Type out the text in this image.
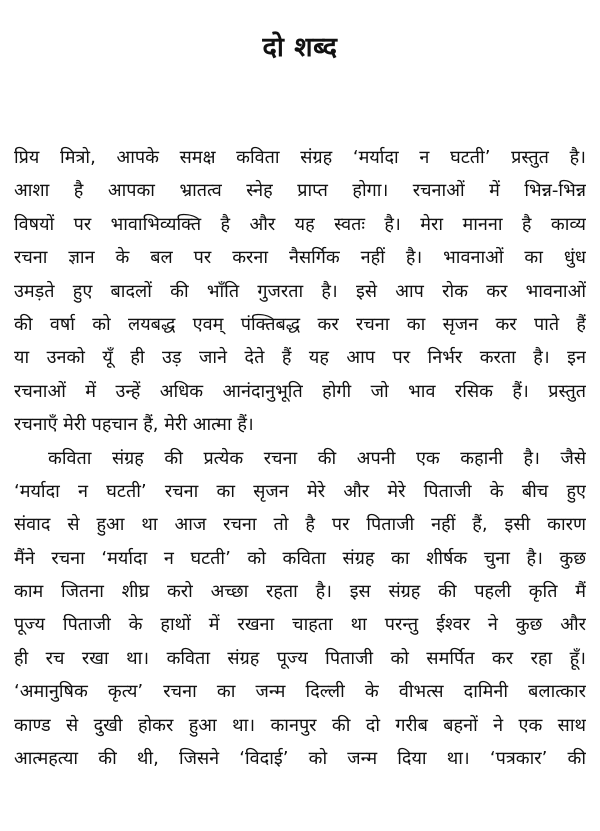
दो शब्द
प्रिय मित्रो, आपके समक्ष कविता संग्रह ‘मर्यादा न घटती’ प्रस्तुत है।
आशा है आपका भ्रातत्व स्नेह प्राप्त होगा। रचनाओं में भिन्न-भिन्न
विषयों पर भावाभिव्यक्ति है और यह स्वतः है। मेरा मानना है काव्य
रचना ज्ञान के बल पर करना नैसर्गिक नहीं है। भावनाओं का धुंध
उमड़ते हुए बादलों की भाँति गुजरता है। इसे आप रोक कर भावनाओं
की वर्षा को लयबद्ध एवम् पंक्तिबद्ध कर रचना का सृजन कर पाते हैं
या उनको यूँ ही उड़ जाने देते हैं यह आप पर निर्भर करता है। इन
रचनाओं में उन्हें अधिक आनंदानुभूति होगी जो भाव रसिक हैं। प्रस्तुत
रचनाएँ मेरी पहचान हैं, मेरी आत्मा हैं।
कविता संग्रह की प्रत्येक रचना की अपनी एक कहानी है। जैसे
‘मर्यादा न घटती’ रचना का सृजन मेरे और मेरे पिताजी के बीच हुए
संवाद से हुआ था आज रचना तो है पर पिताजी नहीं हैं, इसी कारण
मैंने रचना ‘मर्यादा न घटती’ को कविता संग्रह का शीर्षक चुना है। कुछ
काम जितना शीघ्र करो अच्छा रहता है। इस संग्रह की पहली कृति मैं
पूज्य पिताजी के हाथों में रखना चाहता था परन्तु ईश्वर ने कुछ और
ही रच रखा था। कविता संग्रह पूज्य पिताजी को समर्पित कर रहा हूँ।
‘अमानुषिक कृत्य’ रचना का जन्म दिल्ली के वीभत्स दामिनी बलात्कार
काण्ड से दुखी होकर हुआ था। कानपुर की दो गरीब बहनों ने एक साथ
आत्महत्या की थी, जिसने ‘विदाई’ को जन्म दिया था। ‘पत्रकार’ की
